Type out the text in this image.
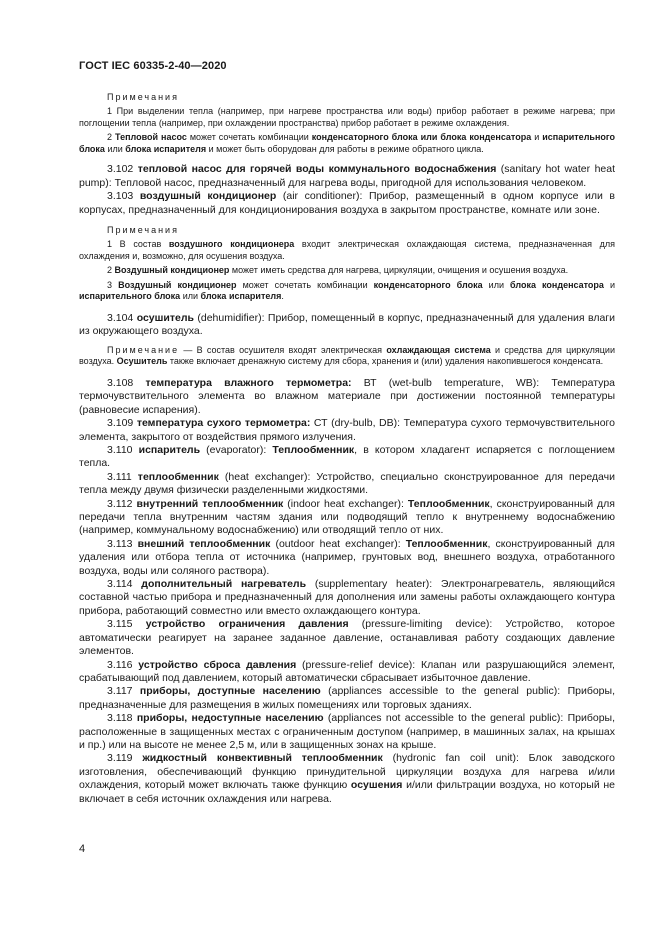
ГОСТ IEC 60335-2-40—2020
Примечания

1 При выделении тепла (например, при нагреве пространства или воды) прибор работает в режиме нагрева; при поглощении тепла (например, при охлаждении пространства) прибор работает в режиме охлаждения.

2 Тепловой насос может сочетать комбинации конденсаторного блока или блока конденсатора и испарительного блока или блока испарителя и может быть оборудован для работы в режиме обратного цикла.

3.102 тепловой насос для горячей воды коммунального водоснабжения (sanitary hot water heat pump): Тепловой насос, предназначенный для нагрева воды, пригодной для использования человеком.

3.103 воздушный кондиционер (air conditioner): Прибор, размещенный в одном корпусе или в корпусах, предназначенный для кондиционирования воздуха в закрытом пространстве, комнате или зоне.

Примечания

1 В состав воздушного кондиционера входит электрическая охлаждающая система, предназначенная для охлаждения и, возможно, для осушения воздуха.

2 Воздушный кондиционер может иметь средства для нагрева, циркуляции, очищения и осушения воздуха.

3 Воздушный кондиционер может сочетать комбинации конденсаторного блока или блока конденсатора и испарительного блока или блока испарителя.

3.104 осушитель (dehumidifier): Прибор, помещенный в корпус, предназначенный для удаления влаги из окружающего воздуха.

Примечание — В состав осушителя входят электрическая охлаждающая система и средства для циркуляции воздуха. Осушитель также включает дренажную систему для сбора, хранения и (или) удаления накопившегося конденсата.

3.108 температура влажного термометра: ВТ (wet-bulb temperature, WB): Температура термочувствительного элемента во влажном материале при достижении постоянной температуры (равновесие испарения).

3.109 температура сухого термометра: СТ (dry-bulb, DB): Температура сухого термочувствительного элемента, закрытого от воздействия прямого излучения.

3.110 испаритель (evaporator): Теплообменник, в котором хладагент испаряется с поглощением тепла.

3.111 теплообменник (heat exchanger): Устройство, специально сконструированное для передачи тепла между двумя физически разделенными жидкостями.

3.112 внутренний теплообменник (indoor heat exchanger): Теплообменник, сконструированный для передачи тепла внутренним частям здания или подводящий тепло к внутреннему водоснабжению (например, коммунальному водоснабжению) или отводящий тепло от них.

3.113 внешний теплообменник (outdoor heat exchanger): Теплообменник, сконструированный для удаления или отбора тепла от источника (например, грунтовых вод, внешнего воздуха, отработанного воздуха, воды или соляного раствора).

3.114 дополнительный нагреватель (supplementary heater): Электронагреватель, являющийся составной частью прибора и предназначенный для дополнения или замены работы охлаждающего контура прибора, работающий совместно или вместо охлаждающего контура.

3.115 устройство ограничения давления (pressure-limiting device): Устройство, которое автоматически реагирует на заранее заданное давление, останавливая работу создающих давление элементов.

3.116 устройство сброса давления (pressure-relief device): Клапан или разрушающийся элемент, срабатывающий под давлением, который автоматически сбрасывает избыточное давление.

3.117 приборы, доступные населению (appliances accessible to the general public): Приборы, предназначенные для размещения в жилых помещениях или торговых зданиях.

3.118 приборы, недоступные населению (appliances not accessible to the general public): Приборы, расположенные в защищенных местах с ограниченным доступом (например, в машинных залах, на крышах и пр.) или на высоте не менее 2,5 м, или в защищенных зонах на крыше.

3.119 жидкостный конвективный теплообменник (hydronic fan coil unit): Блок заводского изготовления, обеспечивающий функцию принудительной циркуляции воздуха для нагрева и/или охлаждения, который может включать также функцию осушения и/или фильтрации воздуха, но который не включает в себя источник охлаждения или нагрева.

4
